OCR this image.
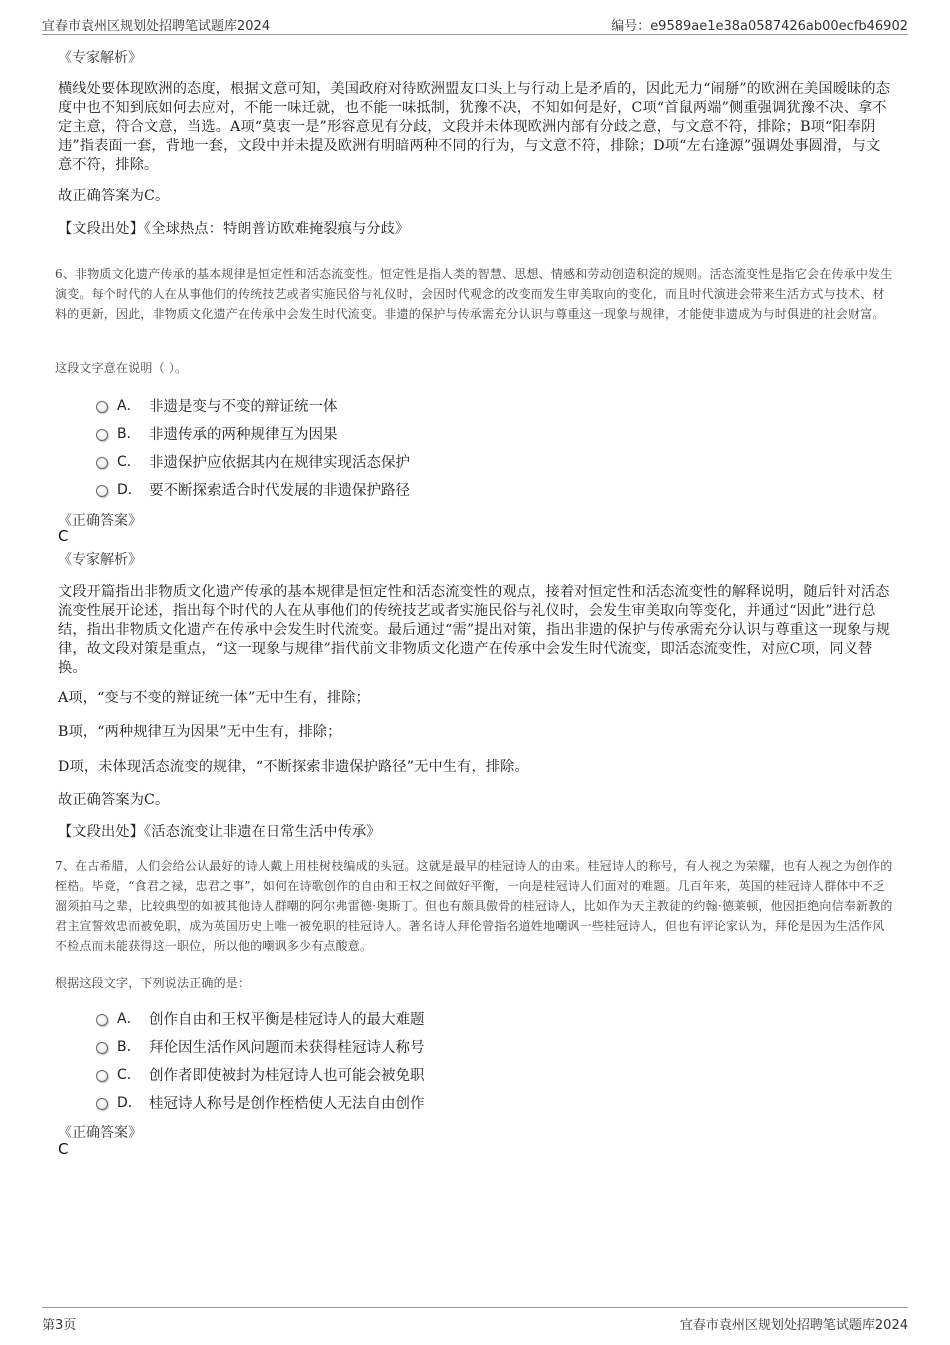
宜春市袁州区规划处招聘笔试题库2024	编号：e9589ae1e38a0587426ab00ecfb46902
《专家解析》
横线处要体现欧洲的态度，根据文意可知，美国政府对待欧洲盟友口头上与行动上是矛盾的，因此无力“闹掰”的欧洲在美国暧昧的态度中也不知到底如何去应对，不能一味迁就，也不能一味抵制，犹豫不决，不知如何是好，C项“首鼠两端”侧重强调犹豫不决、拿不定主意，符合文意，当选。A项“莫衷一是”形容意见有分歧，文段并未体现欧洲内部有分歧之意，与文意不符，排除；B项“阳奉阴违”指表面一套，背地一套，文段中并未提及欧洲有明暗两种不同的行为，与文意不符，排除；D项“左右逢源”强调处事圆滑，与文意不符，排除。
故正确答案为C。
【文段出处】《全球热点：特朗普访欧难掩裂痕与分歧》
6、非物质文化遗产传承的基本规律是恒定性和活态流变性。恒定性是指人类的智慧、思想、情感和劳动创造积淀的规则。活态流变性是指它会在传承中发生演变。每个时代的人在从事他们的传统技艺或者实施民俗与礼仪时，会因时代观念的改变而发生审美取向的变化，而且时代演进会带来生活方式与技术、材料的更新，因此，非物质文化遗产在传承中会发生时代流变。非遗的保护与传承需充分认识与尊重这一现象与规律，才能使非遗成为与时俱进的社会财富。
这段文字意在说明（ ）。
A． 非遗是变与不变的辩证统一体
B． 非遗传承的两种规律互为因果
C． 非遗保护应依据其内在规律实现活态保护
D． 要不断探索适合时代发展的非遗保护路径
《正确答案》
C
《专家解析》
文段开篇指出非物质文化遗产传承的基本规律是恒定性和活态流变性的观点，接着对恒定性和活态流变性的解释说明，随后针对活态流变性展开论述，指出每个时代的人在从事他们的传统技艺或者实施民俗与礼仪时，会发生审美取向等变化，并通过“因此”进行总结，指出非物质文化遗产在传承中会发生时代流变。最后通过“需”提出对策，指出非遗的保护与传承需充分认识与尊重这一现象与规律，故文段对策是重点，“这一现象与规律”指代前文非物质文化遗产在传承中会发生时代流变，即活态流变性，对应C项，同义替换。
A项，“变与不变的辩证统一体”无中生有，排除；
B项，“两种规律互为因果”无中生有，排除；
D项，未体现活态流变的规律，“不断探索非遗保护路径”无中生有，排除。
故正确答案为C。
【文段出处】《活态流变让非遗在日常生活中传承》
7、在古希腊，人们会给公认最好的诗人戴上用桂树枝编成的头冠。这就是最早的桂冠诗人的由来。桂冠诗人的称号，有人视之为荣耀，也有人视之为创作的桎梏。毕竟，“食君之禄，忠君之事”，如何在诗歌创作的自由和王权之间做好平衡，一向是桂冠诗人们面对的难题。几百年来，英国的桂冠诗人群体中不乏溜须拍马之辈，比较典型的如被其他诗人群嘲的阿尔弗雷德·奥斯丁。但也有颇具傲骨的桂冠诗人，比如作为天主教徒的约翰·德莱顿，他因拒绝向信奉新教的君主宣誓效忠而被免职，成为英国历史上唯一被免职的桂冠诗人。著名诗人拜伦曾指名道姓地嘲讽一些桂冠诗人，但也有评论家认为，拜伦是因为生活作风不检点而未能获得这一职位，所以他的嘲讽多少有点酸意。
根据这段文字，下列说法正确的是：
A． 创作自由和王权平衡是桂冠诗人的最大难题
B． 拜伦因生活作风问题而未获得桂冠诗人称号
C． 创作者即使被封为桂冠诗人也可能会被免职
D． 桂冠诗人称号是创作桎梏使人无法自由创作
《正确答案》
C
第3页	宜春市袁州区规划处招聘笔试题库2024
